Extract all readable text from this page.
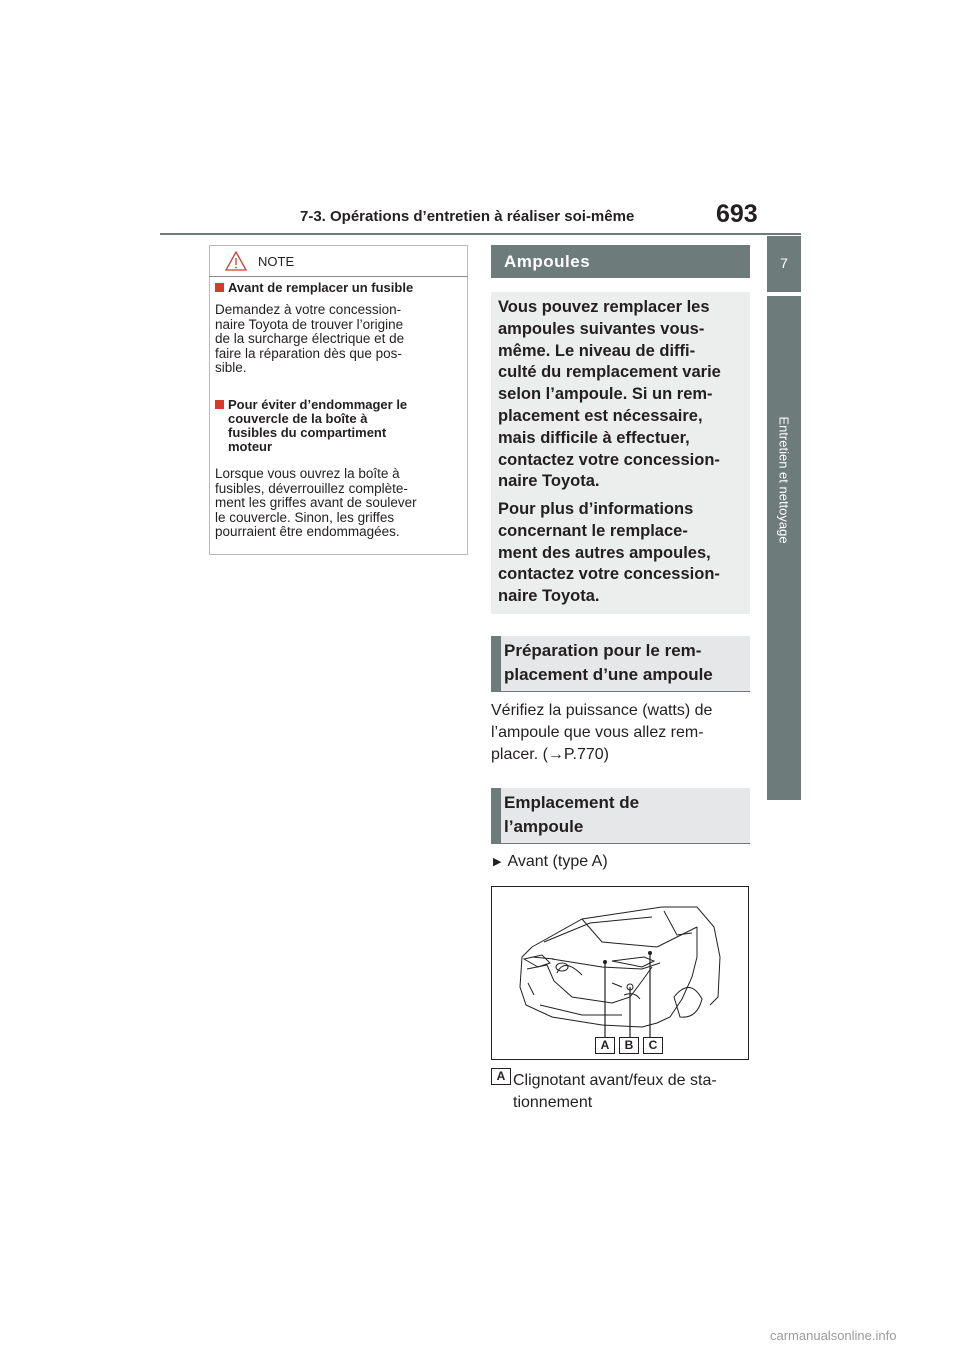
7-3. Opérations d’entretien à réaliser soi-même	693
7
Entretien et nettoyage
NOTE
Avant de remplacer un fusible
Demandez à votre concession-
naire Toyota de trouver l’origine
de la surcharge électrique et de
faire la réparation dès que pos-
sible.
Pour éviter d’endommager le
couvercle de la boîte à
fusibles du compartiment
moteur
Lorsque vous ouvrez la boîte à
fusibles, déverrouillez complète-
ment les griffes avant de soulever
le couvercle. Sinon, les griffes
pourraient être endommagées.
Ampoules
Vous pouvez remplacer les
ampoules suivantes vous-
même. Le niveau de diffi-
culté du remplacement varie
selon l’ampoule. Si un rem-
placement est nécessaire,
mais difficile à effectuer,
contactez votre concession-
naire Toyota.
Pour plus d’informations
concernant le remplace-
ment des autres ampoules,
contactez votre concession-
naire Toyota.
Préparation pour le rem-
placement d’une ampoule
Vérifiez la puissance (watts) de
l’ampoule que vous allez rem-
placer. (→P.770)
Emplacement de
l’ampoule
▶ Avant (type A)
A	B	C
A Clignotant avant/feux de sta-
tionnement
carmanualsonline.info
